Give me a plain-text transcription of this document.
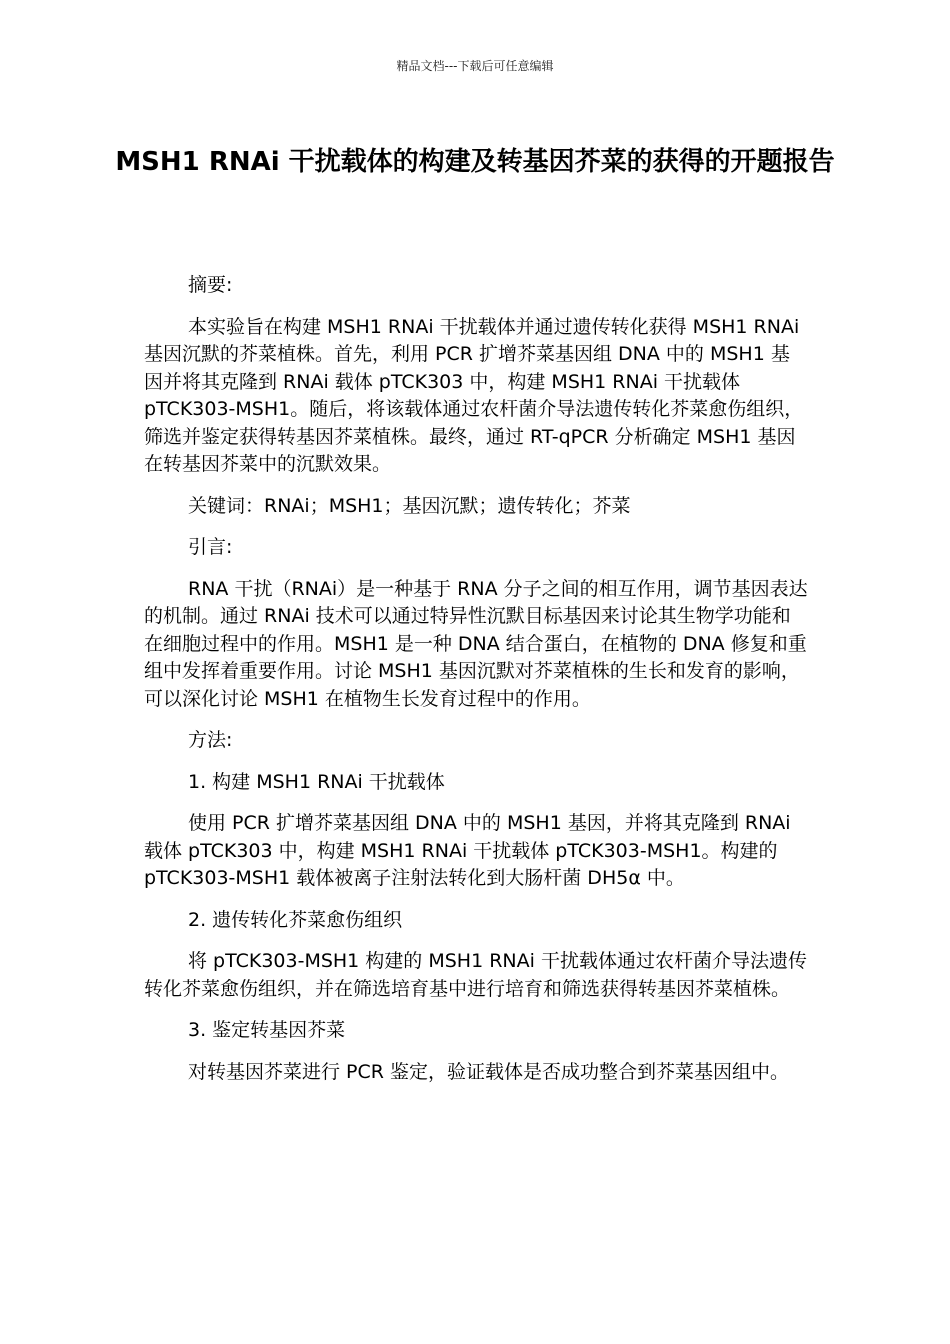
精品文档---下载后可任意编辑
MSH1 RNAi 干扰载体的构建及转基因芥菜的获得的开题报告

摘要:

本实验旨在构建 MSH1 RNAi 干扰载体并通过遗传转化获得 MSH1 RNAi 基因沉默的芥菜植株。首先，利用 PCR 扩增芥菜基因组 DNA 中的 MSH1 基因并将其克隆到 RNAi 载体 pTCK303 中，构建 MSH1 RNAi 干扰载体 pTCK303-MSH1。随后，将该载体通过农杆菌介导法遗传转化芥菜愈伤组织，筛选并鉴定获得转基因芥菜植株。最终，通过 RT-qPCR 分析确定 MSH1 基因在转基因芥菜中的沉默效果。

关键词：RNAi；MSH1；基因沉默；遗传转化；芥菜

引言:

RNA 干扰（RNAi）是一种基于 RNA 分子之间的相互作用，调节基因表达的机制。通过 RNAi 技术可以通过特异性沉默目标基因来讨论其生物学功能和在细胞过程中的作用。MSH1 是一种 DNA 结合蛋白，在植物的 DNA 修复和重组中发挥着重要作用。讨论 MSH1 基因沉默对芥菜植株的生长和发育的影响，可以深化讨论 MSH1 在植物生长发育过程中的作用。

方法:

1. 构建 MSH1 RNAi 干扰载体

使用 PCR 扩增芥菜基因组 DNA 中的 MSH1 基因，并将其克隆到 RNAi 载体 pTCK303 中，构建 MSH1 RNAi 干扰载体 pTCK303-MSH1。构建的 pTCK303-MSH1 载体被离子注射法转化到大肠杆菌 DH5α 中。

2. 遗传转化芥菜愈伤组织

将 pTCK303-MSH1 构建的 MSH1 RNAi 干扰载体通过农杆菌介导法遗传转化芥菜愈伤组织，并在筛选培育基中进行培育和筛选获得转基因芥菜植株。

3. 鉴定转基因芥菜

对转基因芥菜进行 PCR 鉴定，验证载体是否成功整合到芥菜基因组中。
